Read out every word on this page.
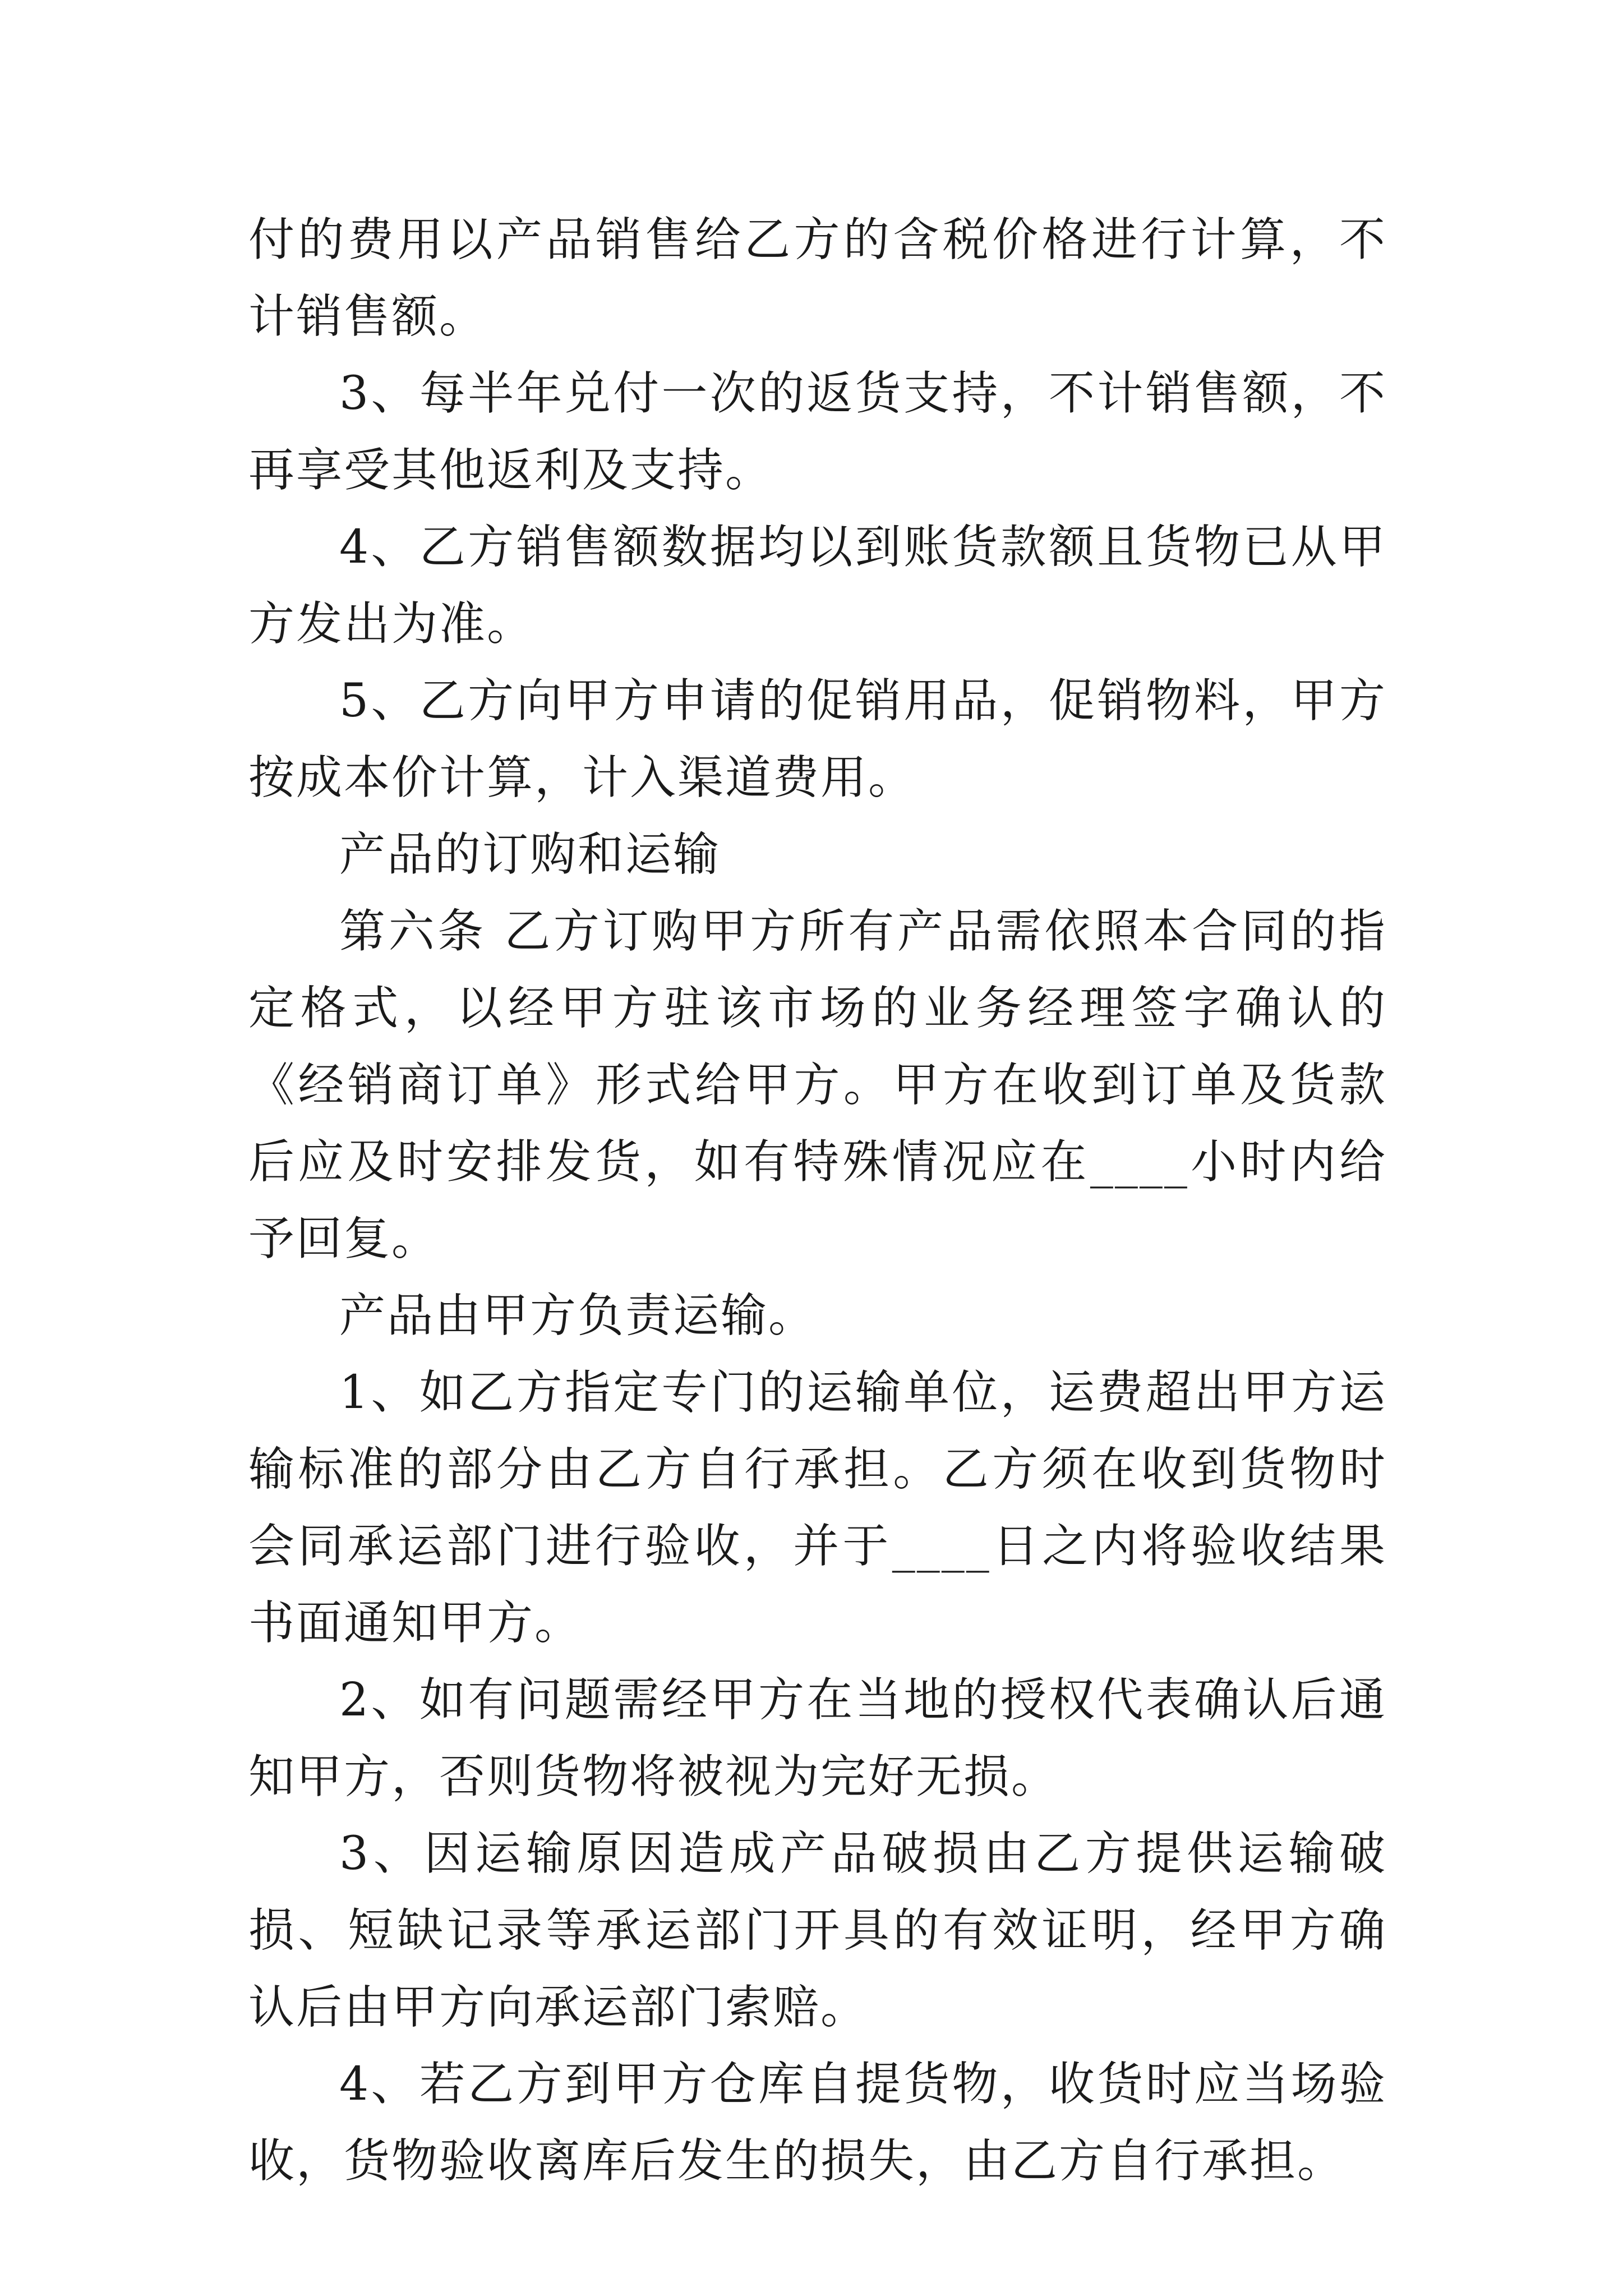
付的费用以产品销售给乙方的含税价格进行计算，不计销售额。

3、每半年兑付一次的返货支持，不计销售额，不再享受其他返利及支持。

4、乙方销售额数据均以到账货款额且货物已从甲方发出为准。

5、乙方向甲方申请的促销用品，促销物料，甲方按成本价计算，计入渠道费用。

产品的订购和运输

第六条 乙方订购甲方所有产品需依照本合同的指定格式，以经甲方驻该市场的业务经理签字确认的《经销商订单》形式给甲方。甲方在收到订单及货款后应及时安排发货，如有特殊情况应在____小时内给予回复。

产品由甲方负责运输。

1、如乙方指定专门的运输单位，运费超出甲方运输标准的部分由乙方自行承担。乙方须在收到货物时会同承运部门进行验收，并于____日之内将验收结果书面通知甲方。

2、如有问题需经甲方在当地的授权代表确认后通知甲方，否则货物将被视为完好无损。

3、因运输原因造成产品破损由乙方提供运输破损、短缺记录等承运部门开具的有效证明，经甲方确认后由甲方向承运部门索赔。

4、若乙方到甲方仓库自提货物，收货时应当场验收，货物验收离库后发生的损失，由乙方自行承担。
